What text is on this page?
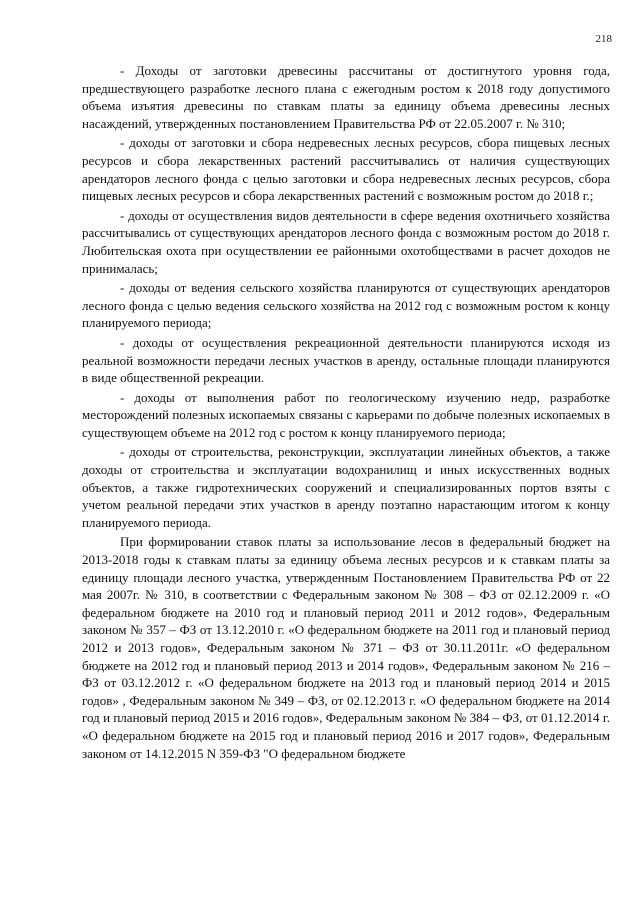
218

- Доходы от заготовки древесины рассчитаны от достигнутого уровня года, предшествующего разработке лесного плана с ежегодным ростом к 2018 году допустимого объема изъятия древесины по ставкам платы за единицу объема древесины лесных насаждений, утвержденных постановлением Правительства РФ от 22.05.2007 г. № 310;

- доходы от заготовки и сбора недревесных лесных ресурсов, сбора пищевых лесных ресурсов и сбора лекарственных растений рассчитывались от наличия существующих арендаторов лесного фонда с целью заготовки и сбора недревесных лесных ресурсов, сбора пищевых лесных ресурсов и сбора лекарственных растений с возможным ростом до 2018 г.;

- доходы от осуществления видов деятельности в сфере ведения охотничьего хозяйства рассчитывались от существующих арендаторов лесного фонда с возможным ростом до 2018 г. Любительская охота при осуществлении ее районными охотобществами в расчет доходов не принималась;

- доходы от ведения сельского хозяйства планируются от существующих арендаторов лесного фонда с целью ведения сельского хозяйства на 2012 год с возможным ростом к концу планируемого периода;

- доходы от осуществления рекреационной деятельности планируются исходя из реальной возможности передачи лесных участков в аренду, остальные площади планируются в виде общественной рекреации.

- доходы от выполнения работ по геологическому изучению недр, разработке месторождений полезных ископаемых связаны с карьерами по добыче полезных ископаемых в существующем объеме на 2012 год с ростом к концу планируемого периода;

- доходы от строительства, реконструкции, эксплуатации линейных объектов, а также доходы от строительства и эксплуатации водохранилищ и иных искусственных водных объектов, а также гидротехнических сооружений и специализированных портов взяты с учетом реальной передачи этих участков в аренду поэтапно нарастающим итогом к концу планируемого периода.

При формировании ставок платы за использование лесов в федеральный бюджет на 2013-2018 годы к ставкам платы за единицу объема лесных ресурсов и к ставкам платы за единицу площади лесного участка, утвержденным Постановлением Правительства РФ от 22 мая 2007г. № 310, в соответствии с Федеральным законом № 308 – ФЗ от 02.12.2009 г. «О федеральном бюджете на 2010 год и плановый период 2011 и 2012 годов», Федеральным законом № 357 – ФЗ от 13.12.2010 г. «О федеральном бюджете на 2011 год и плановый период 2012 и 2013 годов», Федеральным законом № 371 – ФЗ от 30.11.2011г. «О федеральном бюджете на 2012 год и плановый период 2013 и 2014 годов», Федеральным законом № 216 – ФЗ от 03.12.2012 г. «О федеральном бюджете на 2013 год и плановый период 2014 и 2015 годов» , Федеральным законом № 349 – ФЗ, от 02.12.2013 г. «О федеральном бюджете на 2014 год и плановый период 2015 и 2016 годов», Федеральным законом № 384 – ФЗ, от 01.12.2014 г. «О федеральном бюджете на 2015 год и плановый период 2016 и 2017 годов», Федеральным законом от 14.12.2015 N 359-ФЗ "О федеральном бюджете
